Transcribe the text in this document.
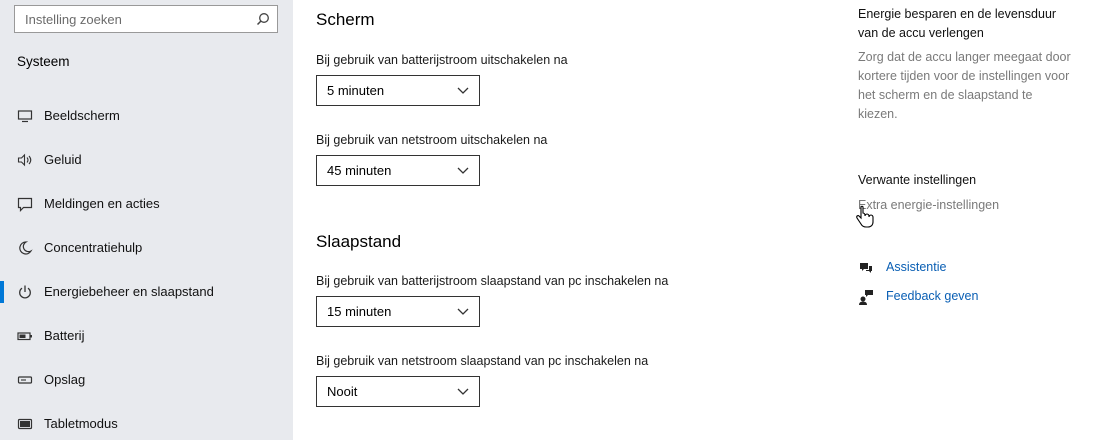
Instelling zoeken
Systeem
Beeldscherm
Geluid
Meldingen en acties
Concentratiehulp
Energiebeheer en slaapstand
Batterij
Opslag
Tabletmodus
Scherm
Bij gebruik van batterijstroom uitschakelen na
5 minuten
Bij gebruik van netstroom uitschakelen na
45 minuten
Slaapstand
Bij gebruik van batterijstroom slaapstand van pc inschakelen na
15 minuten
Bij gebruik van netstroom slaapstand van pc inschakelen na
Nooit
Energie besparen en de levensduur van de accu verlengen
Zorg dat de accu langer meegaat door kortere tijden voor de instellingen voor het scherm en de slaapstand te kiezen.
Verwante instellingen
Extra energie-instellingen
Assistentie
Feedback geven
